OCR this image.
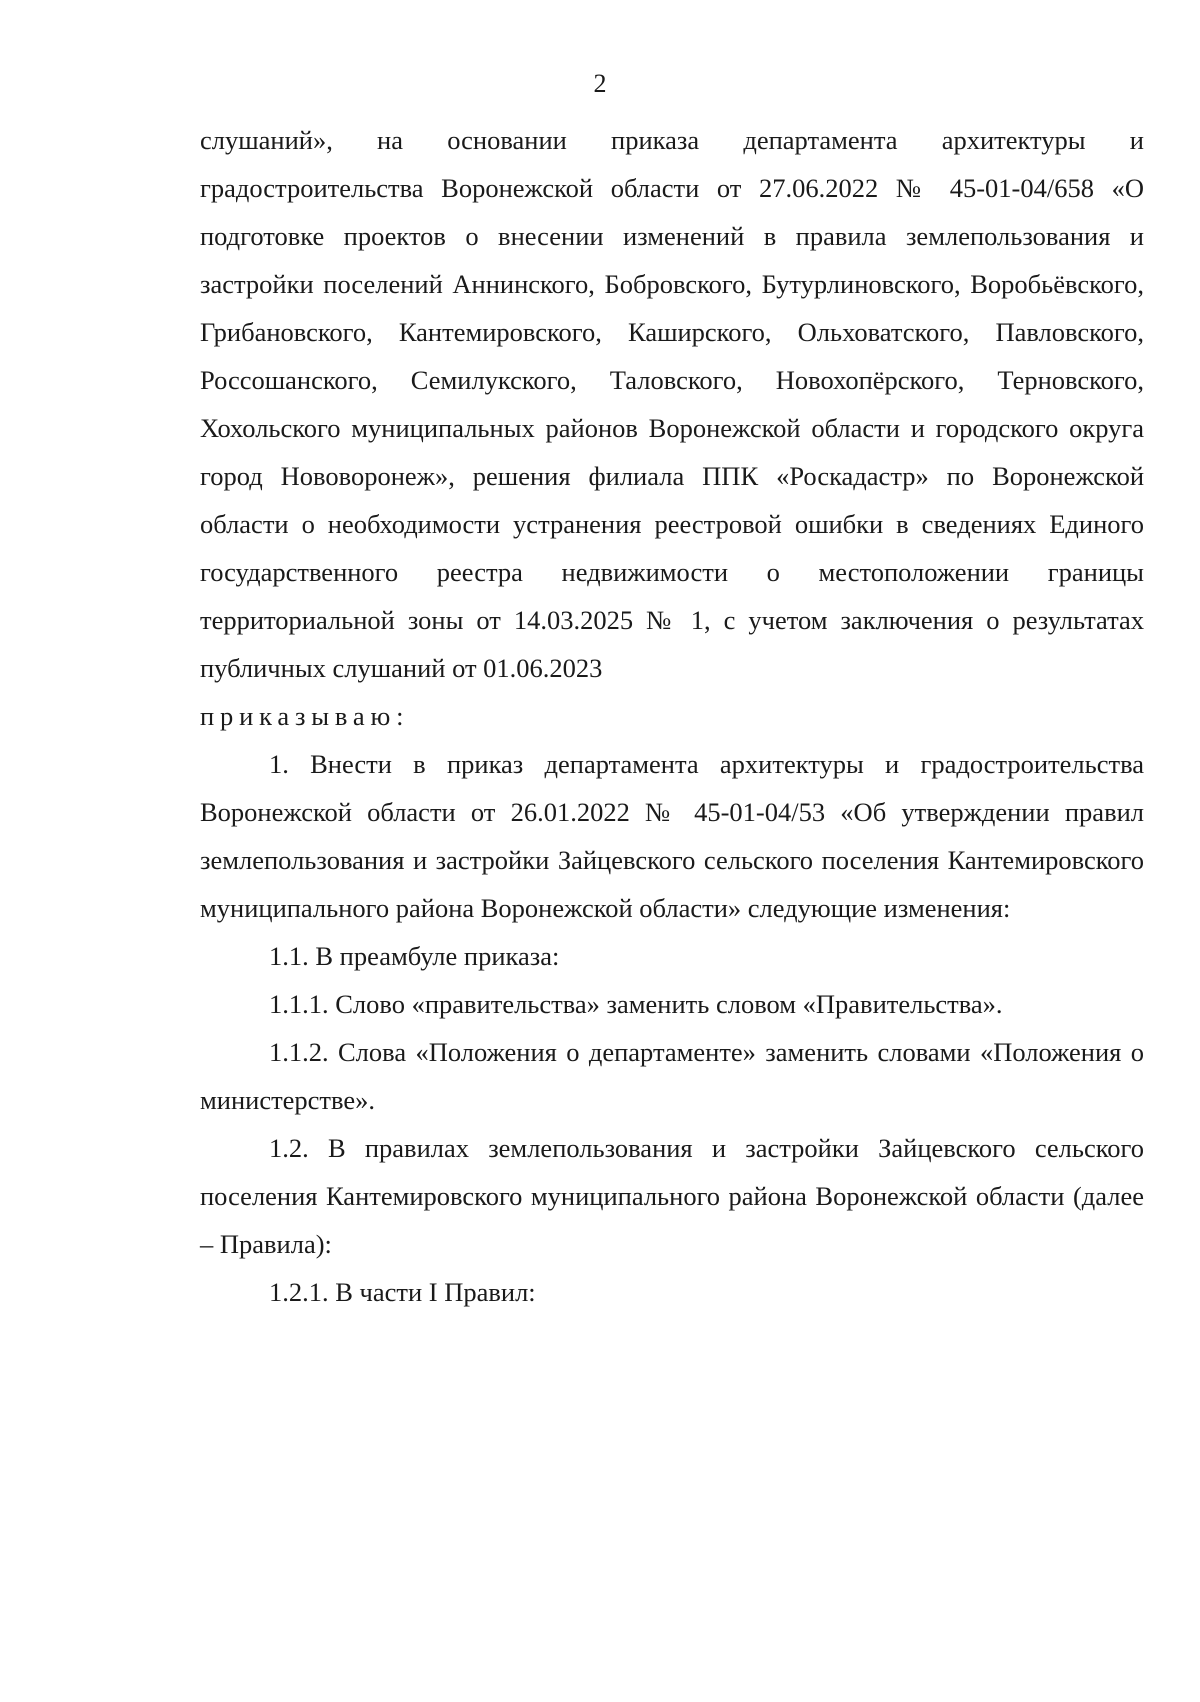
2

слушаний», на основании приказа департамента архитектуры и градостроительства Воронежской области от 27.06.2022 № 45-01-04/658 «О подготовке проектов о внесении изменений в правила землепользования и застройки поселений Аннинского, Бобровского, Бутурлиновского, Воробьёвского, Грибановского, Кантемировского, Каширского, Ольховатского, Павловского, Россошанского, Семилукского, Таловского, Новохопёрского, Терновского, Хохольского муниципальных районов Воронежской области и городского округа город Нововоронеж», решения филиала ППК «Роскадастр» по Воронежской области о необходимости устранения реестровой ошибки в сведениях Единого государственного реестра недвижимости о местоположении границы территориальной зоны от 14.03.2025 № 1, с учетом заключения о результатах публичных слушаний от 01.06.2023

приказываю:

1. Внести в приказ департамента архитектуры и градостроительства Воронежской области от 26.01.2022 № 45-01-04/53 «Об утверждении правил землепользования и застройки Зайцевского сельского поселения Кантемировского муниципального района Воронежской области» следующие изменения:

1.1. В преамбуле приказа:

1.1.1. Слово «правительства» заменить словом «Правительства».

1.1.2. Слова «Положения о департаменте» заменить словами «Положения о министерстве».

1.2. В правилах землепользования и застройки Зайцевского сельского поселения Кантемировского муниципального района Воронежской области (далее – Правила):

1.2.1. В части I Правил:
